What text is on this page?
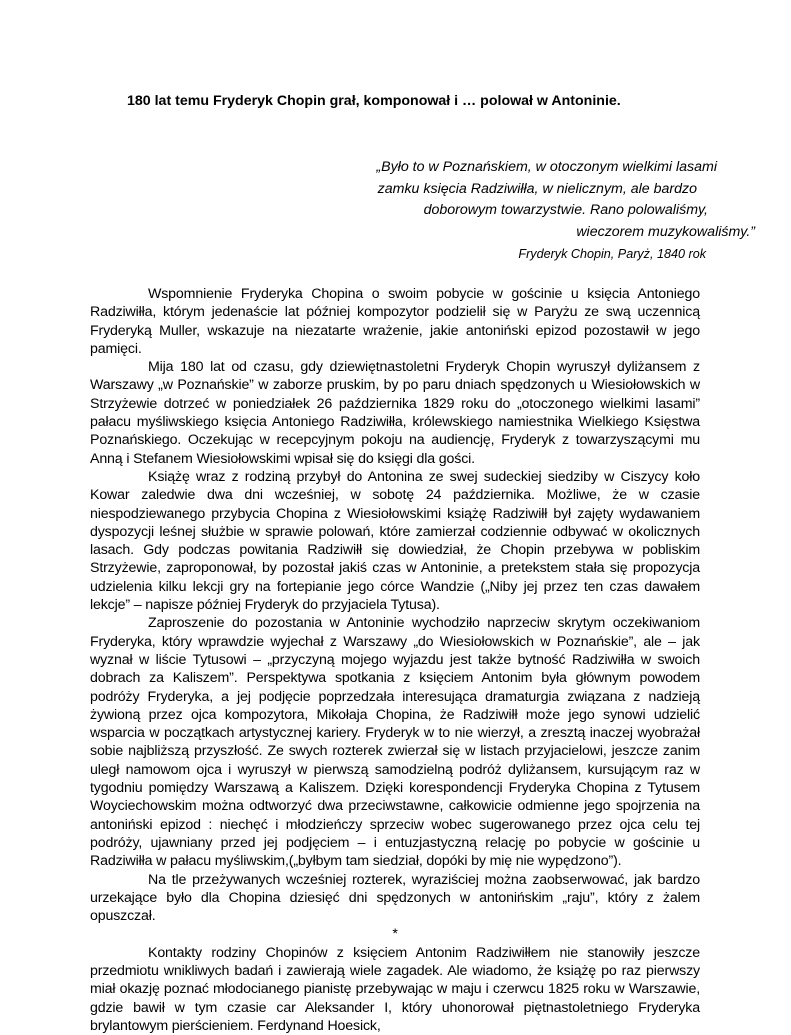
180 lat temu Fryderyk Chopin grał, komponował i … polował w Antoninie.
„Było to w Poznańskiem, w otoczonym wielkimi lasami
zamku księcia Radziwiłła, w nielicznym, ale bardzo
doborowym towarzystwie. Rano polowaliśmy,
wieczorem muzykowaliśmy.”

Fryderyk Chopin, Paryż, 1840 rok

Wspomnienie Fryderyka Chopina o swoim pobycie w gościnie u księcia Antoniego Radziwiłła, którym jedenaście lat później kompozytor podzielił się w Paryżu ze swą uczennicą Fryderyką Muller, wskazuje na niezatarte wrażenie, jakie antoniński epizod pozostawił w jego pamięci.

Mija 180 lat od czasu, gdy dziewiętnastoletni Fryderyk Chopin wyruszył dyliżansem z Warszawy „w Poznańskie” w zaborze pruskim, by po paru dniach spędzonych u Wiesiołowskich w Strzyżewie dotrzeć w poniedziałek 26 października 1829 roku do „otoczonego wielkimi lasami” pałacu myśliwskiego księcia Antoniego Radziwiłła, królewskiego namiestnika Wielkiego Księstwa Poznańskiego. Oczekując w recepcyjnym pokoju na audiencję, Fryderyk z towarzyszącymi mu Anną i Stefanem Wiesiołowskimi wpisał się do księgi dla gości.

Książę wraz z rodziną przybył do Antonina ze swej sudeckiej siedziby w Ciszycy koło Kowar zaledwie dwa dni wcześniej, w sobotę 24 października. Możliwe, że w czasie niespodziewanego przybycia Chopina z Wiesiołowskimi książę Radziwiłł był zajęty wydawaniem dyspozycji leśnej służbie w sprawie polowań, które zamierzał codziennie odbywać w okolicznych lasach. Gdy podczas powitania Radziwiłł się dowiedział, że Chopin przebywa w pobliskim Strzyżewie, zaproponował, by pozostał jakiś czas w Antoninie, a pretekstem stała się propozycja udzielenia kilku lekcji gry na fortepianie jego córce Wandzie („Niby jej przez ten czas dawałem lekcje” – napisze później Fryderyk do przyjaciela Tytusa).

Zaproszenie do pozostania w Antoninie wychodziło naprzeciw skrytym oczekiwaniom Fryderyka, który wprawdzie wyjechał z Warszawy „do Wiesiołowskich w Poznańskie”, ale – jak wyznał w liście Tytusowi – „przyczyną mojego wyjazdu jest także bytność Radziwiłła w swoich dobrach za Kaliszem”. Perspektywa spotkania z księciem Antonim była głównym powodem podróży Fryderyka, a jej podjęcie poprzedzała interesująca dramaturgia związana z nadzieją żywioną przez ojca kompozytora, Mikołaja Chopina, że Radziwiłł może jego synowi udzielić wsparcia w początkach artystycznej kariery. Fryderyk w to nie wierzył, a zresztą inaczej wyobrażał sobie najbliższą przyszłość. Ze swych rozterek zwierzał się w listach przyjacielowi, jeszcze zanim uległ namowom ojca i wyruszył w pierwszą samodzielną podróż dyliżansem, kursującym raz w tygodniu pomiędzy Warszawą a Kaliszem. Dzięki korespondencji Fryderyka Chopina z Tytusem Woyciechowskim można odtworzyć dwa przeciwstawne, całkowicie odmienne jego spojrzenia na antoniński epizod : niechęć i młodzieńczy sprzeciw wobec sugerowanego przez ojca celu tej podróży, ujawniany przed jej podjęciem – i entuzjastyczną relację po pobycie w gościnie u Radziwiłła w pałacu myśliwskim,(„byłbym tam siedział, dopóki by mię nie wypędzono”).

Na tle przeżywanych wcześniej rozterek, wyraziściej można zaobserwować, jak bardzo urzekające było dla Chopina dziesięć dni spędzonych w antonińskim „raju”, który z żalem opuszczał.

*

Kontakty rodziny Chopinów z księciem Antonim Radziwiłłem nie stanowiły jeszcze przedmiotu wnikliwych badań i zawierają wiele zagadek. Ale wiadomo, że książę po raz pierwszy miał okazję poznać młodocianego pianistę przebywając w maju i czerwcu 1825 roku w Warszawie, gdzie bawił w tym czasie car Aleksander I, który uhonorował piętnastoletniego Fryderyka brylantowym pierścieniem. Ferdynand Hoesick,
